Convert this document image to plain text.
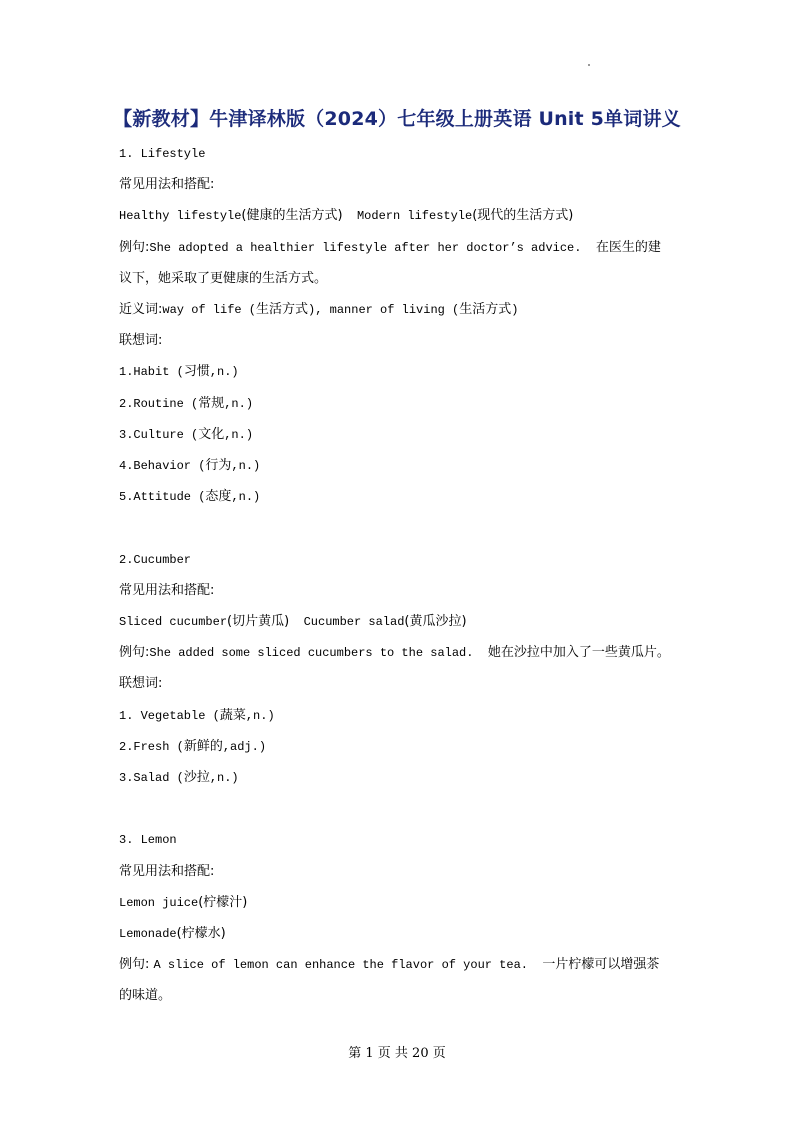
【新教材】牛津译林版（2024）七年级上册英语 Unit 5单词讲义
1. Lifestyle
常见用法和搭配:
Healthy lifestyle(健康的生活方式)  Modern lifestyle(现代的生活方式)
例句:She adopted a healthier lifestyle after her doctor’s advice.  在医生的建
议下，她采取了更健康的生活方式。
近义词:way of life (生活方式), manner of living (生活方式)
联想词:
1.Habit (习惯,n.)
2.Routine (常规,n.)
3.Culture (文化,n.)
4.Behavior (行为,n.)
5.Attitude (态度,n.)
2.Cucumber
常见用法和搭配:
Sliced cucumber(切片黄瓜)  Cucumber salad(黄瓜沙拉)
例句:She added some sliced cucumbers to the salad.  她在沙拉中加入了一些黄瓜片。
联想词:
1. Vegetable (蔬菜,n.)
2.Fresh (新鲜的,adj.)
3.Salad (沙拉,n.)
3. Lemon
常见用法和搭配:
Lemon juice(柠檬汁)
Lemonade(柠檬水)
例句: A slice of lemon can enhance the flavor of your tea.  一片柠檬可以增强茶
的味道。
第 1 页 共 20 页
